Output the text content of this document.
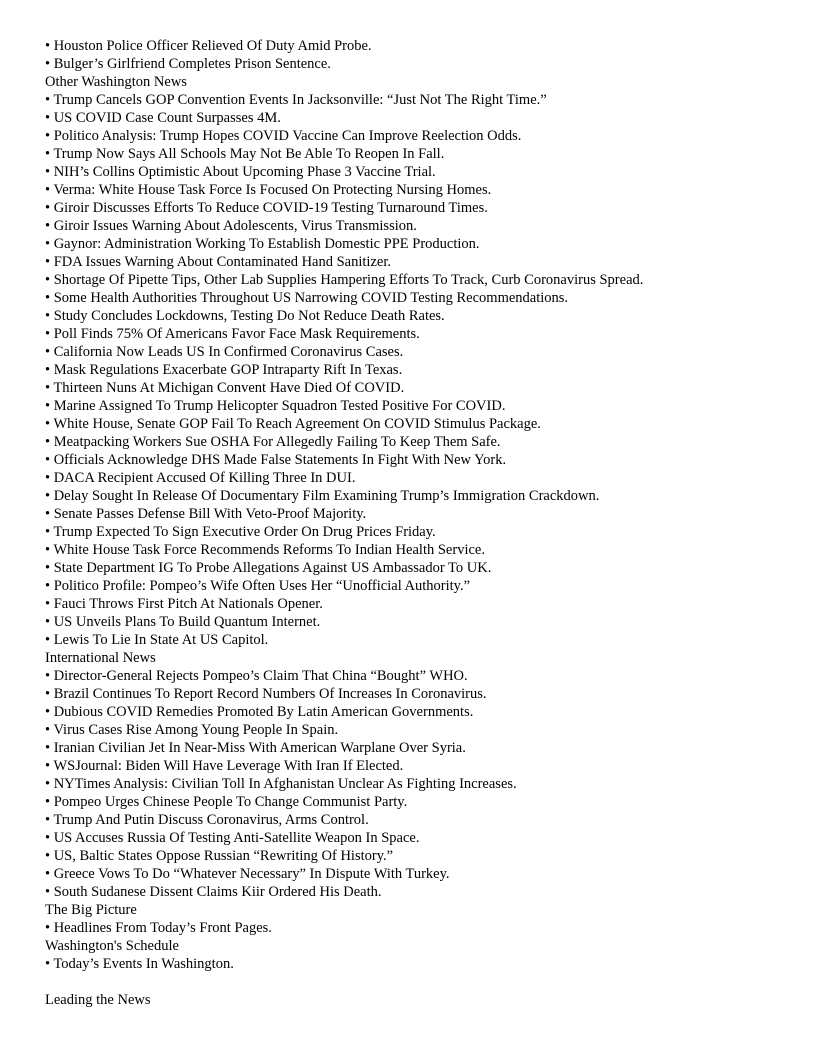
• Houston Police Officer Relieved Of Duty Amid Probe.
• Bulger’s Girlfriend Completes Prison Sentence.
Other Washington News
• Trump Cancels GOP Convention Events In Jacksonville: “Just Not The Right Time.”
• US COVID Case Count Surpasses 4M.
• Politico Analysis: Trump Hopes COVID Vaccine Can Improve Reelection Odds.
• Trump Now Says All Schools May Not Be Able To Reopen In Fall.
• NIH’s Collins Optimistic About Upcoming Phase 3 Vaccine Trial.
• Verma: White House Task Force Is Focused On Protecting Nursing Homes.
• Giroir Discusses Efforts To Reduce COVID-19 Testing Turnaround Times.
• Giroir Issues Warning About Adolescents, Virus Transmission.
• Gaynor: Administration Working To Establish Domestic PPE Production.
• FDA Issues Warning About Contaminated Hand Sanitizer.
• Shortage Of Pipette Tips, Other Lab Supplies Hampering Efforts To Track, Curb Coronavirus Spread.
• Some Health Authorities Throughout US Narrowing COVID Testing Recommendations.
• Study Concludes Lockdowns, Testing Do Not Reduce Death Rates.
• Poll Finds 75% Of Americans Favor Face Mask Requirements.
• California Now Leads US In Confirmed Coronavirus Cases.
• Mask Regulations Exacerbate GOP Intraparty Rift In Texas.
• Thirteen Nuns At Michigan Convent Have Died Of COVID.
• Marine Assigned To Trump Helicopter Squadron Tested Positive For COVID.
• White House, Senate GOP Fail To Reach Agreement On COVID Stimulus Package.
• Meatpacking Workers Sue OSHA For Allegedly Failing To Keep Them Safe.
• Officials Acknowledge DHS Made False Statements In Fight With New York.
• DACA Recipient Accused Of Killing Three In DUI.
• Delay Sought In Release Of Documentary Film Examining Trump’s Immigration Crackdown.
• Senate Passes Defense Bill With Veto-Proof Majority.
• Trump Expected To Sign Executive Order On Drug Prices Friday.
• White House Task Force Recommends Reforms To Indian Health Service.
• State Department IG To Probe Allegations Against US Ambassador To UK.
• Politico Profile: Pompeo’s Wife Often Uses Her “Unofficial Authority.”
• Fauci Throws First Pitch At Nationals Opener.
• US Unveils Plans To Build Quantum Internet.
• Lewis To Lie In State At US Capitol.
International News
• Director-General Rejects Pompeo’s Claim That China “Bought” WHO.
• Brazil Continues To Report Record Numbers Of Increases In Coronavirus.
• Dubious COVID Remedies Promoted By Latin American Governments.
• Virus Cases Rise Among Young People In Spain.
• Iranian Civilian Jet In Near-Miss With American Warplane Over Syria.
• WSJournal: Biden Will Have Leverage With Iran If Elected.
• NYTimes Analysis: Civilian Toll In Afghanistan Unclear As Fighting Increases.
• Pompeo Urges Chinese People To Change Communist Party.
• Trump And Putin Discuss Coronavirus, Arms Control.
• US Accuses Russia Of Testing Anti-Satellite Weapon In Space.
• US, Baltic States Oppose Russian “Rewriting Of History.”
• Greece Vows To Do “Whatever Necessary” In Dispute With Turkey.
• South Sudanese Dissent Claims Kiir Ordered His Death.
The Big Picture
• Headlines From Today’s Front Pages.
Washington's Schedule
• Today’s Events In Washington.
Leading the News
